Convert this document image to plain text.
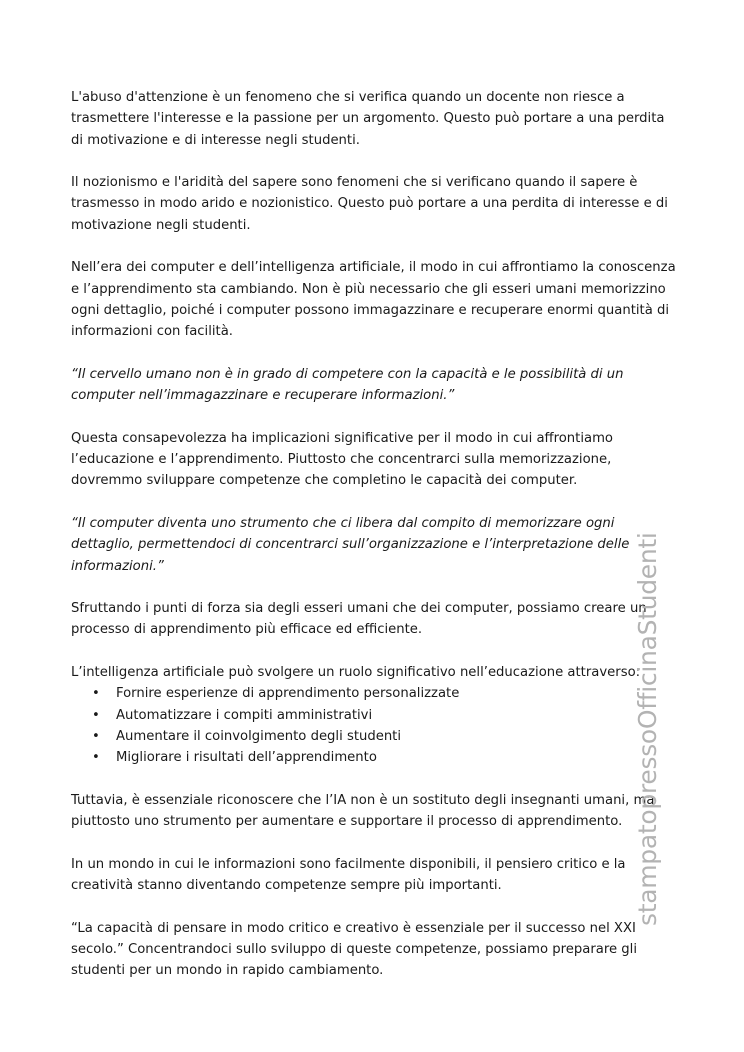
L'abuso d'attenzione è un fenomeno che si verifica quando un docente non riesce a trasmettere l'interesse e la passione per un argomento. Questo può portare a una perdita di motivazione e di interesse negli studenti.

Il nozionismo e l'aridità del sapere sono fenomeni che si verificano quando il sapere è trasmesso in modo arido e nozionistico. Questo può portare a una perdita di interesse e di motivazione negli studenti.

Nell’era dei computer e dell’intelligenza artificiale, il modo in cui affrontiamo la conoscenza e l’apprendimento sta cambiando. Non è più necessario che gli esseri umani memorizzino ogni dettaglio, poiché i computer possono immagazzinare e recuperare enormi quantità di informazioni con facilità.

“Il cervello umano non è in grado di competere con la capacità e le possibilità di un computer nell’immagazzinare e recuperare informazioni.”

Questa consapevolezza ha implicazioni significative per il modo in cui affrontiamo l’educazione e l’apprendimento. Piuttosto che concentrarci sulla memorizzazione, dovremmo sviluppare competenze che completino le capacità dei computer.

“Il computer diventa uno strumento che ci libera dal compito di memorizzare ogni dettaglio, permettendoci di concentrarci sull’organizzazione e l’interpretazione delle informazioni.”

Sfruttando i punti di forza sia degli esseri umani che dei computer, possiamo creare un processo di apprendimento più efficace ed efficiente.

L’intelligenza artificiale può svolgere un ruolo significativo nell’educazione attraverso:

• Fornire esperienze di apprendimento personalizzate
• Automatizzare i compiti amministrativi
• Aumentare il coinvolgimento degli studenti
• Migliorare i risultati dell’apprendimento

Tuttavia, è essenziale riconoscere che l’IA non è un sostituto degli insegnanti umani, ma piuttosto uno strumento per aumentare e supportare il processo di apprendimento.

In un mondo in cui le informazioni sono facilmente disponibili, il pensiero critico e la creatività stanno diventando competenze sempre più importanti.

“La capacità di pensare in modo critico e creativo è essenziale per il successo nel XXI secolo.” Concentrandoci sullo sviluppo di queste competenze, possiamo preparare gli studenti per un mondo in rapido cambiamento.

stampatopressoOfficinaStudenti
